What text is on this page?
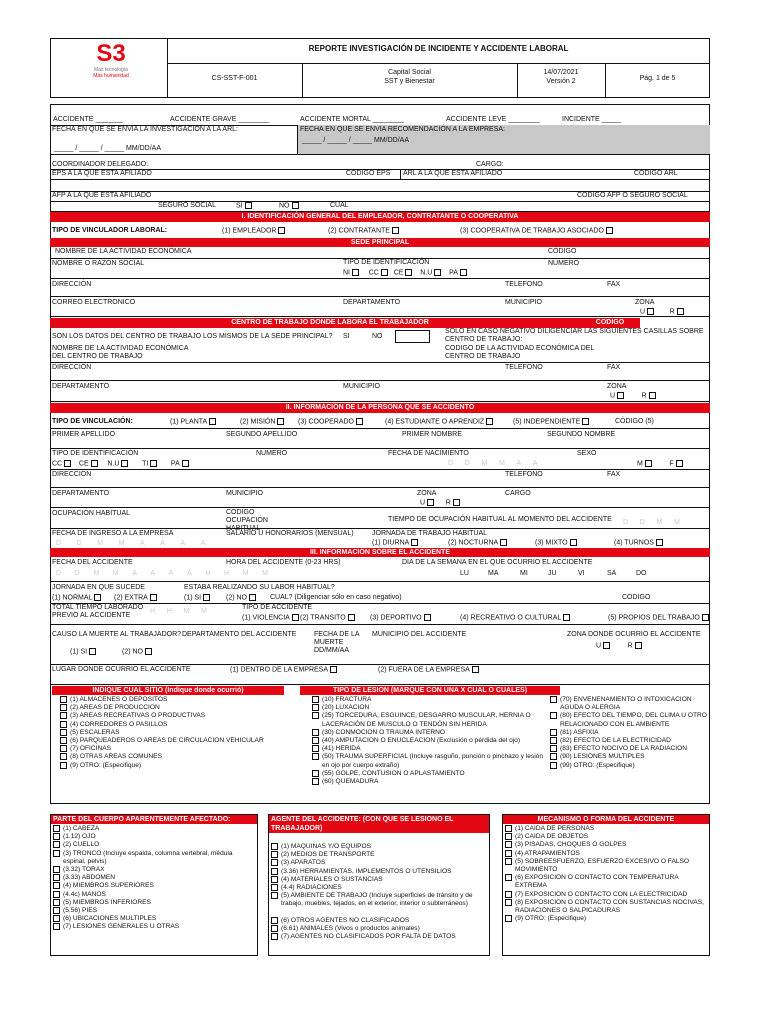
S3
Más tecnología
Más humanidad
REPORTE INVESTIGACIÓN DE INCIDENTE Y ACCIDENTE LABORAL
CS-SST-F-001
Capital Social
SST y Bienestar
14/07/2021
Versión 2	Pág. 1 de 5
ACCIDENTE _______	ACCIDENTE GRAVE ________	ACCIDENTE MORTAL ________	ACCIDENTE LEVE ________	INCIDENTE _____
FECHA EN QUE SE ENVIA LA INVESTIGACION A LA ARL:
_____ / _____ / _____ MM/DD/AA
FECHA EN QUE SE ENVIA RECOMENDACIÓN A LA EMPRESA:
_____ / _____ / _____ MM/DD/AA
COORDINADOR DELEGADO:	CARGO:
EPS A LA QUE ESTA AFILIADO	CODIGO EPS ARL A LA QUE ESTA AFILIADO	CODIGO ARL
AFP A LA QUE ESTA AFILIADO	CODIGO AFP O SEGURO SOCIAL
SEGURO SOCIAL	SI	NO	CUAL
I. IDENTIFICACIÓN GENERAL DEL EMPLEADOR, CONTRATANTE O COOPERATIVA
TIPO DE VINCULADOR LABORAL:	(1) EMPLEADOR	(2) CONTRATANTE	(3) COOPERATIVA DE TRABAJO ASOCIADO
SEDE PRINCIPAL
NOMBRE DE LA ACTIVIDAD ECONÓMICA	CÓDIGO
NOMBRE O RAZON SOCIAL	TIPO DE IDENTIFICACIÓN	NUMERO
NI	CC CE N.U PA
DIRECCIÓN	TELEFONO	FAX
CORREO ELECTRONICO	DEPARTAMENTO	MUNICIPIO	ZONA
U	R
CENTRO DE TRABAJO DONDE LABORA EL TRABAJADOR	CODIGO
SON LOS DATOS DEL CENTRO DE TRABAJO LOS MISMOS DE LA SEDE PRINCIPAL? SI	NO
SOLO EN CASO NEGATIVO DILIGENCIAR LAS SIGUIENTES CASILLAS SOBRE CENTRO DE TRABAJO:
NOMBRE DE LA ACTIVIDAD ECONÓMICA DEL CENTRO DE TRABAJO
CODIGO DE LA ACTIVIDAD ECONÓMICA DEL CENTRO DE TRABAJO
DIRECCIÓN	TELEFONO	FAX
DEPARTAMENTO	MUNICIPIO	ZONA
U	R
II. INFORMACIÓN DE LA PERSONA QUE SE ACCIDENTÓ
TIPO DE VINCULACIÓN:	(1) PLANTA	(2) MISIÓN	(3) COOPERADO	(4) ESTUDIANTE O APRENDIZ	(5) INDEPENDIENTE	CÓDIGO (5)
PRIMER APELLIDO	SEGUNDO APELLIDO	PRIMER NOMBRE	SEGUNDO NOMBRE
TIPO DE IDENTIFICACIÓN	NUMERO	FECHA DE NACIMIENTO	SEXO
CC CE	N.U	TI	PA	D      D      M      M      A      A	M	F
DIRECCIÓN	TELEFONO	FAX
DEPARTAMENTO	MUNICIPIO	ZONA
U	R
CARGO
OCUPACIÓN HABITUAL	CÓDIGO OCUPACIÓN HABITUAL
TIEMPO DE OCUPACIÓN HABITUAL AL MOMENTO DEL ACCIDENTE D      D      M      M
FECHA DE INGRESO A LA EMPRESA	SALARIO U HONORARIOS (MENSUAL)	JORNADA DE TRABAJO HABITUAL
D        D        M        M        A        A        A        A	(1) DIURNA	(2) NOCTURNA	(3) MIXTO	(4) TURNOS
III. INFORMACIÓN SOBRE EL ACCIDENTE
FECHA DEL ACCIDENTE	HORA DEL ACCIDENTE (0-23 HRS)	DIA DE LA SEMANA EN EL QUE OCURRIO EL ACCIDENTE
D       D       M       M       A       A       A       A       H       H       M       M	LU	MA	MI	JU	VI	SA	DO
JORNADA EN QUE SUCEDE	ESTABA REALIZANDO SU LABOR HABITUAL?
(1) NORMAL	(2) EXTRA	(1) SI	(2) NO	CUAL? (Diligenciar sólo en caso negativo)	CODIGO
TOTAL TIEMPO LABORADO PREVIO AL ACCIDENTE
H      H      M      M
TIPO DE ACCIDENTE
(1) VIOLENCIA	(2) TRANSITO	(3) DEPORTIVO	(4) RECREATIVO O CULTURAL	(5) PROPIOS DEL TRABAJO
CAUSO LA MUERTE AL TRABAJADOR? DEPARTAMENTO DEL ACCIDENTE	FECHA DE LA MUERTE DD/MM/AA
MUNICIPIO DEL ACCIDENTE	ZONA DONDE OCURRIO EL ACCIDENTE
(1) SI	(2) NO
U	R
LUGAR DONDE OCURRIO EL ACCIDENTE	(1) DENTRO DE LA EMPRESA	(2) FUERA DE LA EMPRESA
INDIQUE CUAL SITIO (Indique donde ocurrió)	TIPO DE LESION (MARQUE CON UNA X CUAL O CUALES)
(1) ALMACENES O DEPOSITOS
(2) AREAS DE PRODUCCIÓN
(3) AREAS RECREATIVAS O PRODUCTIVAS
(4) CORREDORES O PASILLOS
(5) ESCALERAS
(6) PARQUEADEROS O AREAS DE CIRCULACION VEHICULAR
(7) OFICINAS
(8) OTRAS AREAS COMUNES
(9) OTRO: (Especifique)
(10) FRACTURA
(20) LUXACION
(25) TORCEDURA, ESGUINCE, DESGARRO MUSCULAR, HERNIA O LACERACIÓN DE MUSCULO O TENDÓN SIN HERIDA
(30) CONMOCION O TRAUMA INTERNO
(40) AMPUTACION O ENUCLEACION (Exclusión o pérdida del ojo)
(41) HERIDA
(50) TRAUMA SUPERFICIAL (Incluye rasguño, punción o pinchazo y lesión en ojo por cuerpo extraño)
(55) GOLPE, CONTUSION O APLASTAMIENTO
(60) QUEMADURA
(70) ENVENENAMIENTO O INTOXICACION AGUDA O ALERGIA
(80) EFECTO DEL TIEMPO, DEL CLIMA U OTRO RELACIONADO CON EL AMBIENTE
(81) ASFIXIA
(82) EFECTO DE LA ELECTRICIDAD
(83) EFECTO NOCIVO DE LA RADIACION
(90) LESIONES MULTIPLES
(99) OTRO: (Especifique)
PARTE DEL CUERPO APARENTEMENTE AFECTADO:
(1) CABEZA
(1.12) OJO
(2) CUELLO
(3) TRONCO (Incluye espalda, columna vertebral, médula espinal, pelvis)
(3.32) TORAX
(3.33) ABDOMEN
(4) MIEMBROS SUPERIORES
(4.4c) MANOS
(5) MIEMBROS INFERIORES
(5.56) PIES
(6) UBICACIONES MULTIPLES
(7) LESIONES GENERALES U OTRAS
AGENTE DEL ACCIDENTE: (CON QUE SE LESIONO EL TRABAJADOR)
(1) MAQUINAS Y/O EQUIPOS
(2) MEDIOS DE TRANSPORTE
(3) APARATOS
(3.36) HERRAMIENTAS, IMPLEMENTOS O UTENSILIOS
(4) MATERIALES O SUSTANCIAS
(4.4) RADIACIONES
(5) AMBIENTE DE TRABAJO (Incluye superficies de tránsito y de trabajo, muebles, tejados, en el exterior, interior o subterráneos)
(6) OTROS AGENTES NO CLASIFICADOS
(6.61) ANIMALES (Vivos o productos animales)
(7) AGENTES NO CLASIFICADOS POR FALTA DE DATOS
MECANISMO O FORMA DEL ACCIDENTE
(1) CAIDA DE PERSONAS
(2) CAIDA DE OBJETOS
(3) PISADAS, CHOQUES O GOLPES
(4) ATRAPAMIENTOS
(5) SOBREESFUERZO, ESFUERZO EXCESIVO O FALSO MOVIMIENTO
(6) EXPOSICION O CONTACTO CON TEMPERATURA EXTREMA
(7) EXPOSICION O CONTACTO CON LA ELECTRICIDAD
(8) EXPOSICION O CONTACTO CON SUSTANCIAS NOCIVAS, RADIACIONES O SALPICADURAS
(9) OTRO: (Especifique)
